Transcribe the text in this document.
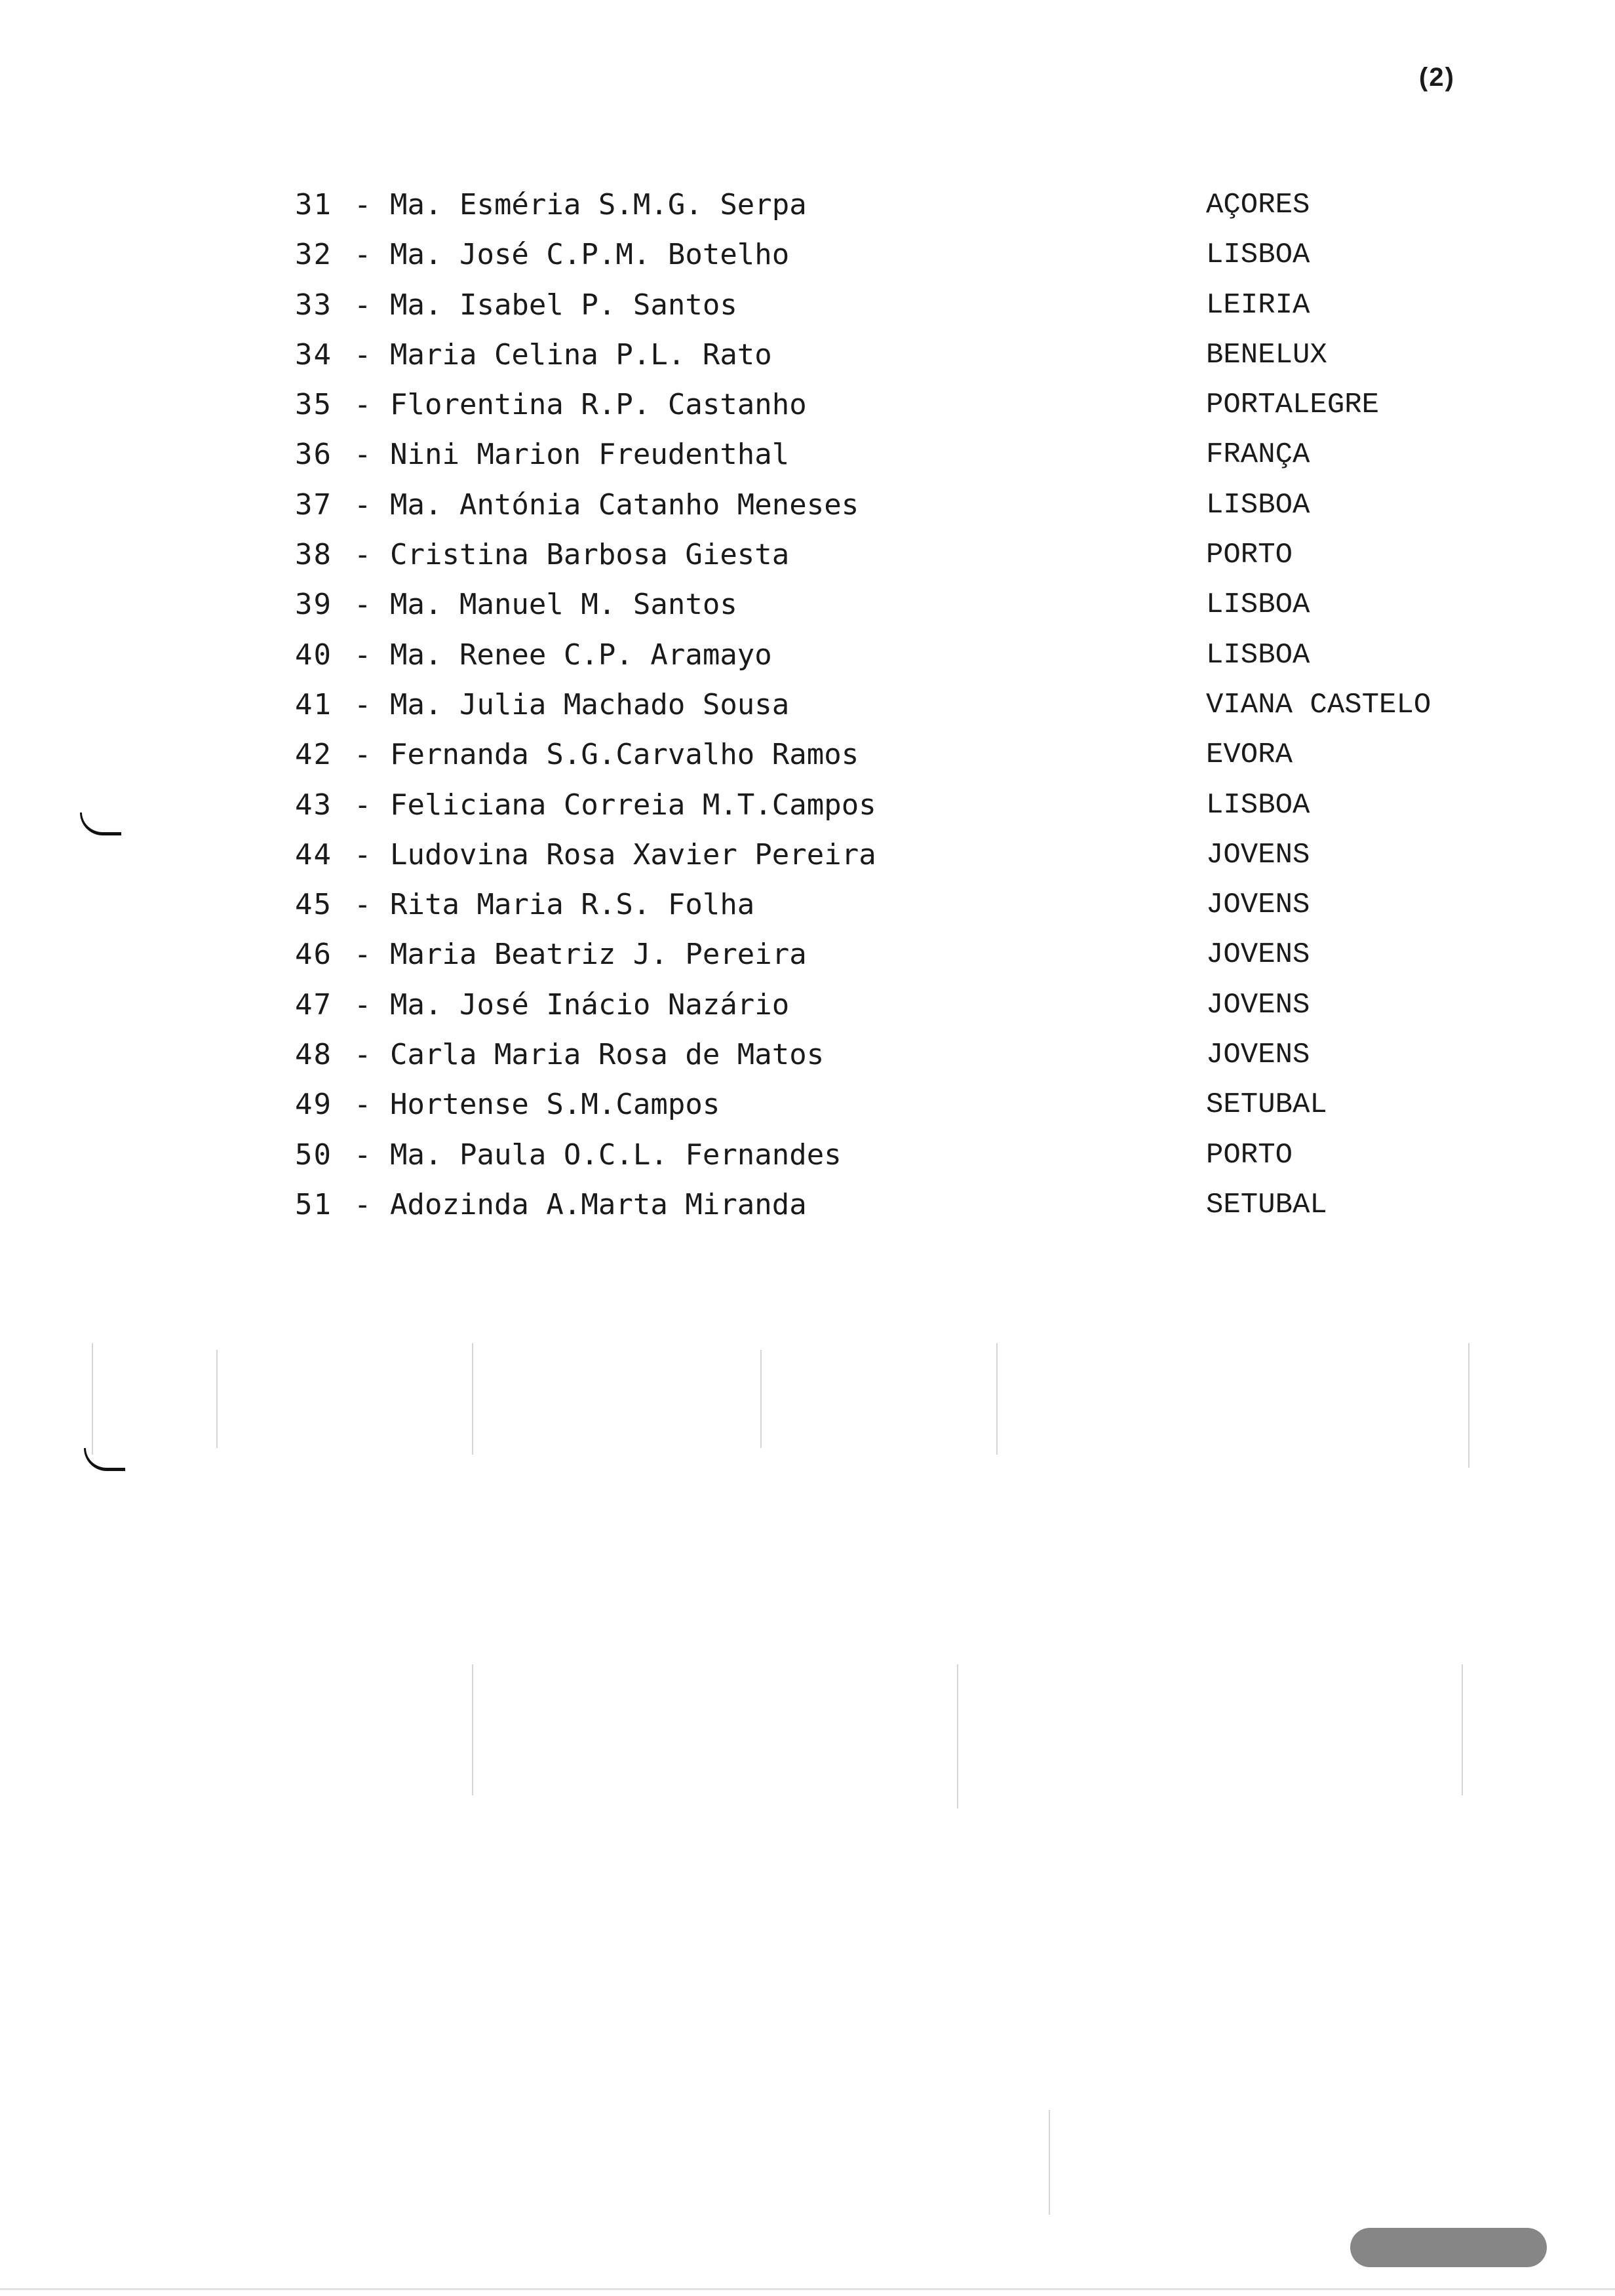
(2)
31 - Ma. Esméria S.M.G. Serpa	AÇORES
32 - Ma. José C.P.M. Botelho	LISBOA
33 - Ma. Isabel P. Santos	LEIRIA
34 - Maria Celina P.L. Rato	BENELUX
35 - Florentina R.P. Castanho	PORTALEGRE
36 - Nini Marion Freudenthal	FRANÇA
37 - Ma. Antónia Catanho Meneses	LISBOA
38 - Cristina Barbosa Giesta	PORTO
39 - Ma. Manuel M. Santos	LISBOA
40 - Ma. Renee C.P. Aramayo	LISBOA
41 - Ma. Julia Machado Sousa	VIANA CASTELO
42 - Fernanda S.G.Carvalho Ramos	EVORA
43 - Feliciana Correia M.T.Campos	LISBOA
44 - Ludovina Rosa Xavier Pereira	JOVENS
45 - Rita Maria R.S. Folha	JOVENS
46 - Maria Beatriz J. Pereira	JOVENS
47 - Ma. José Inácio Nazário	JOVENS
48 - Carla Maria Rosa de Matos	JOVENS
49 - Hortense S.M.Campos	SETUBAL
50 - Ma. Paula O.C.L. Fernandes	PORTO
51 - Adozinda A.Marta Miranda	SETUBAL
